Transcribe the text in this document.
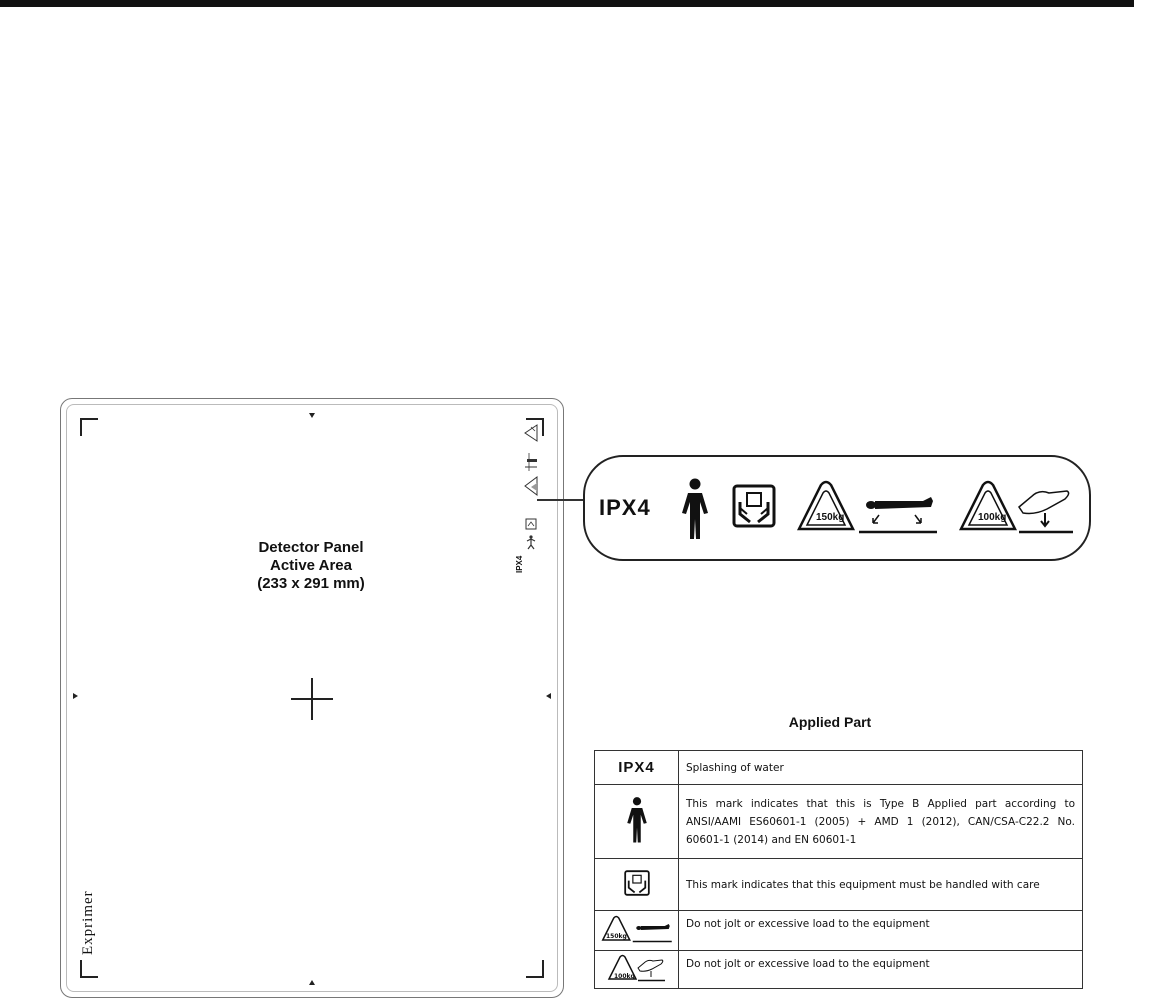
Detector Panel
Active Area
(233 x 291 mm)
Exprimer
IPX4
IPX4	150kg	100kg
Applied Part
IPX4	Splashing of water
	This mark indicates that this is Type B Applied part according to ANSI/AAMI ES60601-1 (2005) + AMD 1 (2012), CAN/CSA-C22.2 No. 60601-1 (2014) and EN 60601-1
	This mark indicates that this equipment must be handled with care

150kg	Do not jolt or excessive load to the equipment

100kg	Do not jolt or excessive load to the equipment
